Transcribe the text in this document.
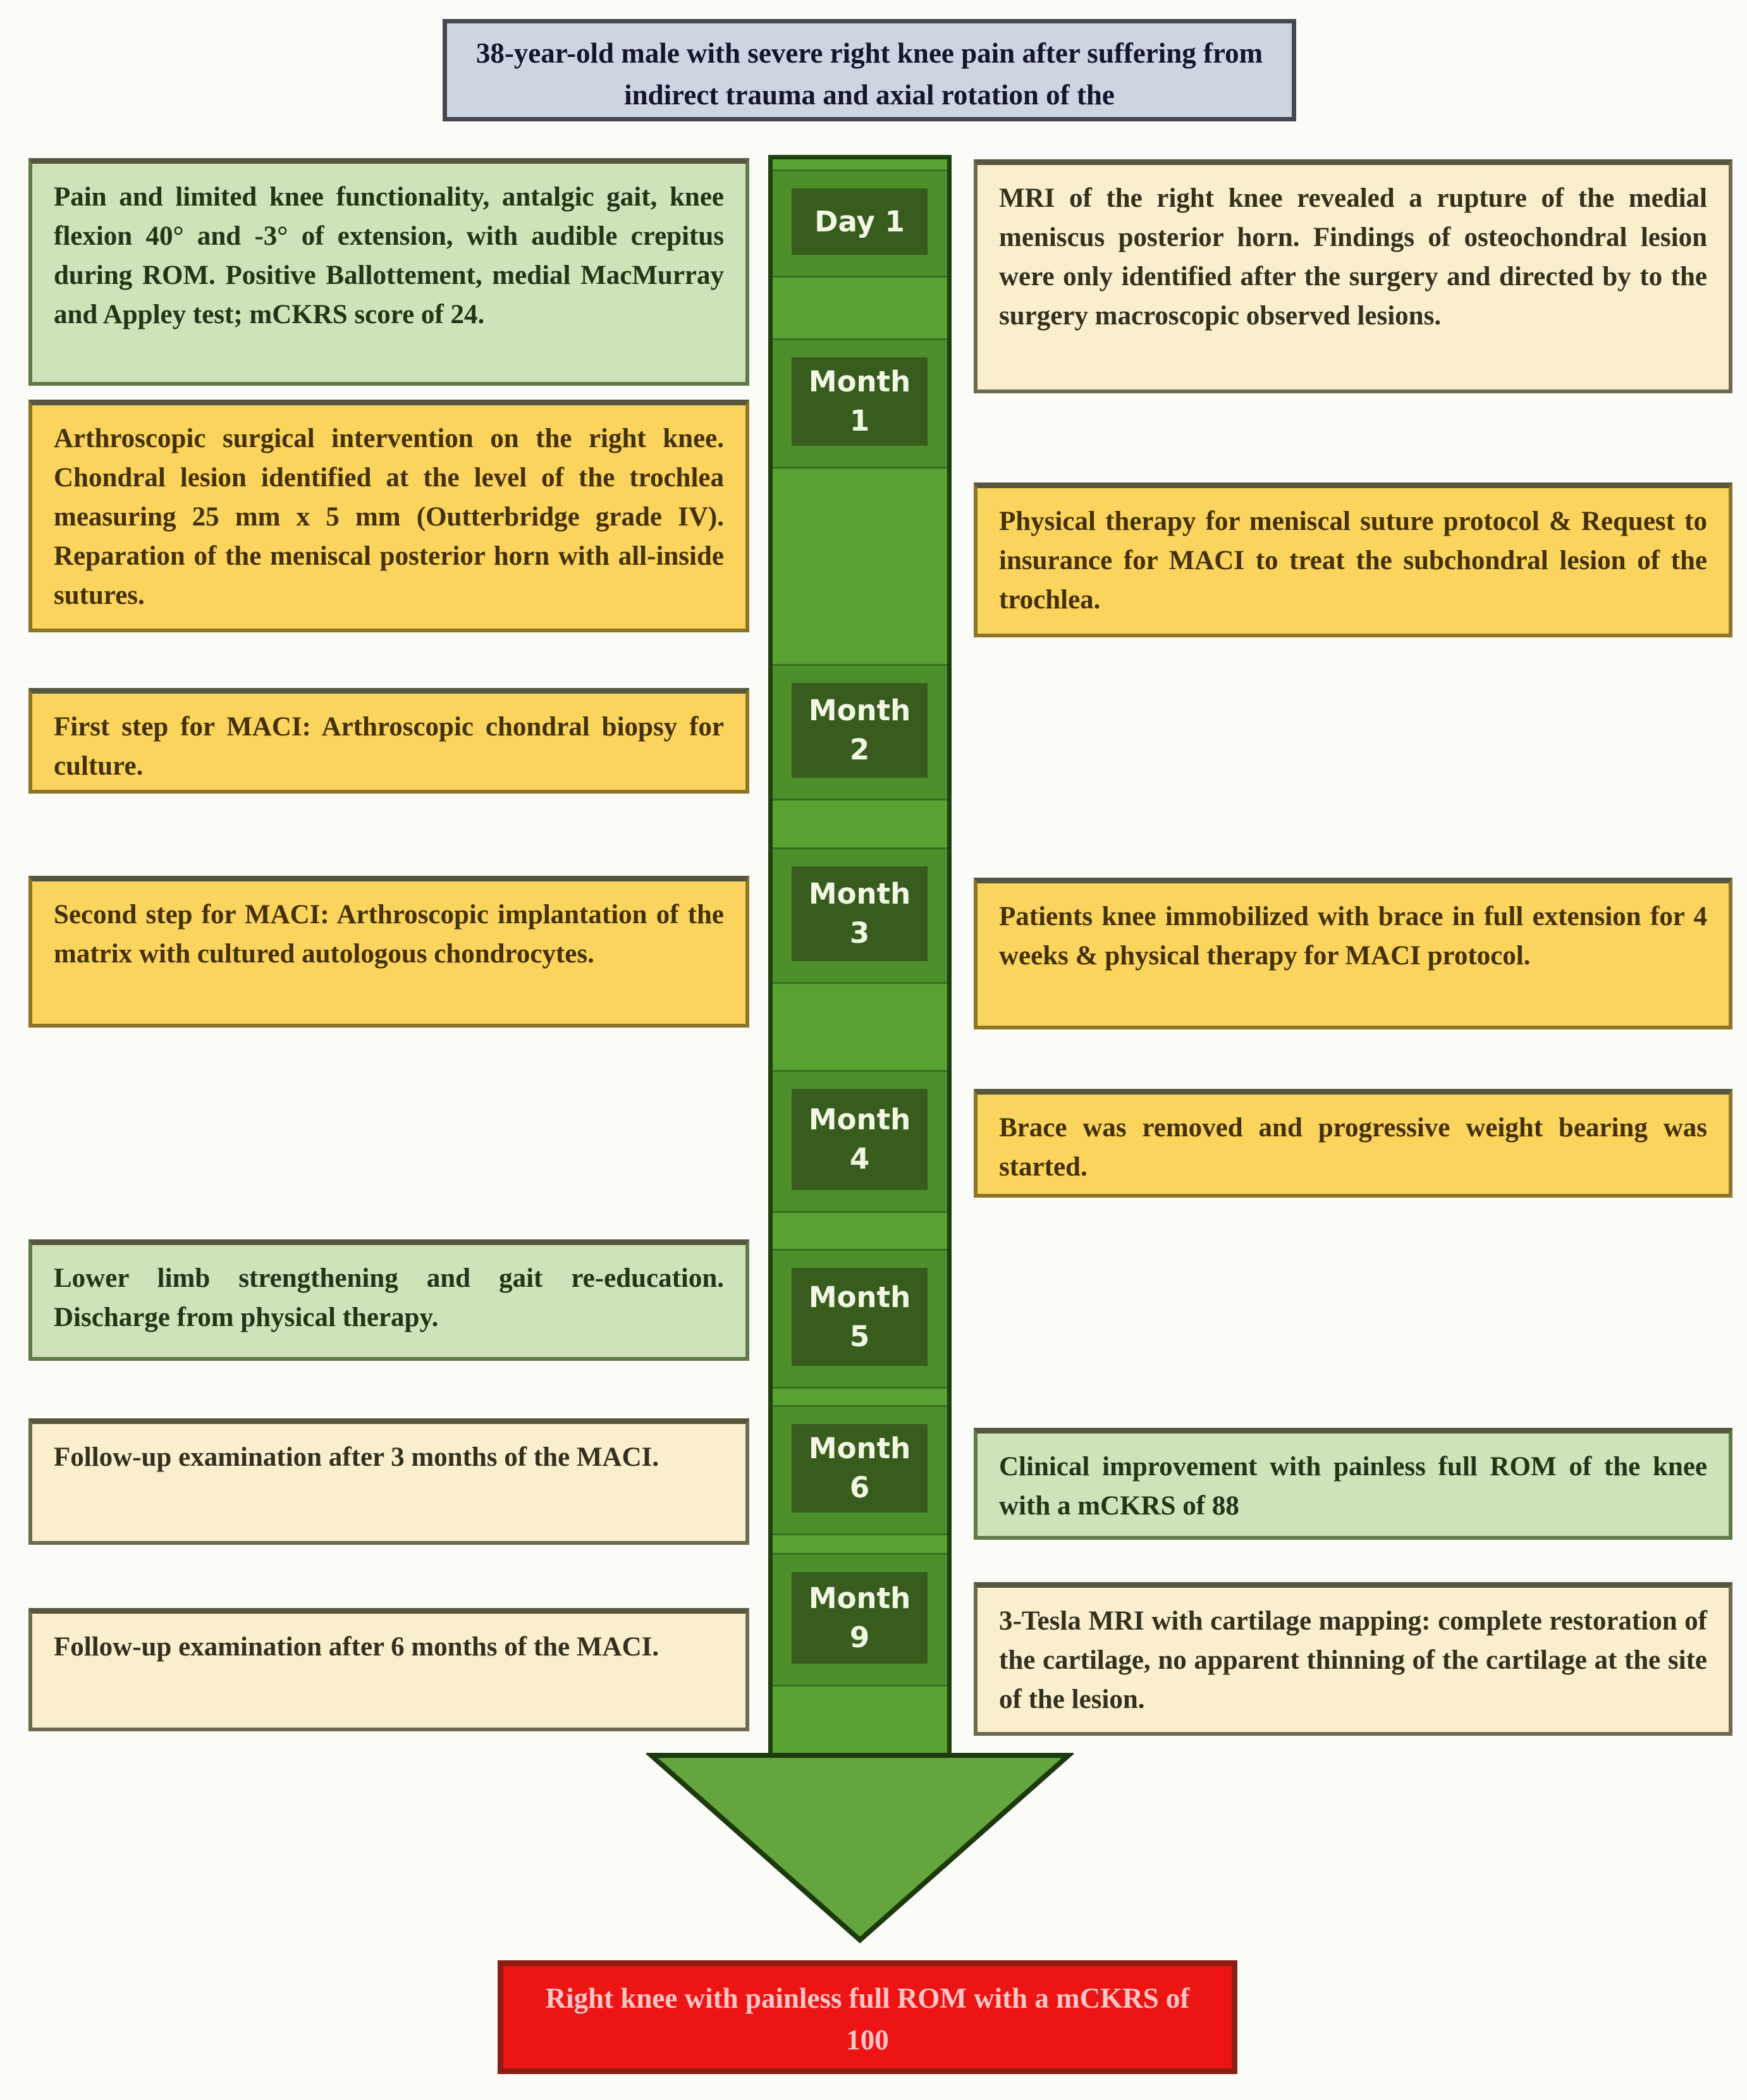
38-year-old male with severe right knee pain after suffering from indirect trauma and axial rotation of the
Day 1
Month
1
Month
2
Month
3
Month
4
Month
5
Month
6
Month
9
Pain and limited knee functionality, antalgic gait, knee flexion 40° and -3° of extension, with audible crepitus during ROM. Positive Ballottement, medial MacMurray and Appley test; mCKRS score of 24.
Arthroscopic surgical intervention on the right knee. Chondral lesion identified at the level of the trochlea measuring 25 mm x 5 mm (Outterbridge grade IV). Reparation of the meniscal posterior horn with all-inside sutures.
First step for MACI: Arthroscopic chondral biopsy for culture.
Second step for MACI: Arthroscopic implantation of the matrix with cultured autologous chondrocytes.
Lower limb strengthening and gait re-education. Discharge from physical therapy.
Follow-up examination after 3 months of the MACI.
Follow-up examination after 6 months of the MACI.
MRI of the right knee revealed a rupture of the medial meniscus posterior horn. Findings of osteochondral lesion were only identified after the surgery and directed by to the surgery macroscopic observed lesions.
Physical therapy for meniscal suture protocol & Request to insurance for MACI to treat the subchondral lesion of the trochlea.
Patients knee immobilized with brace in full extension for 4 weeks & physical therapy for MACI protocol.
Brace was removed and progressive weight bearing was started.
Clinical improvement with painless full ROM of the knee with a mCKRS of 88
3-Tesla MRI with cartilage mapping: complete restoration of the cartilage, no apparent thinning of the cartilage at the site of the lesion.
Right knee with painless full ROM with a mCKRS of 100
